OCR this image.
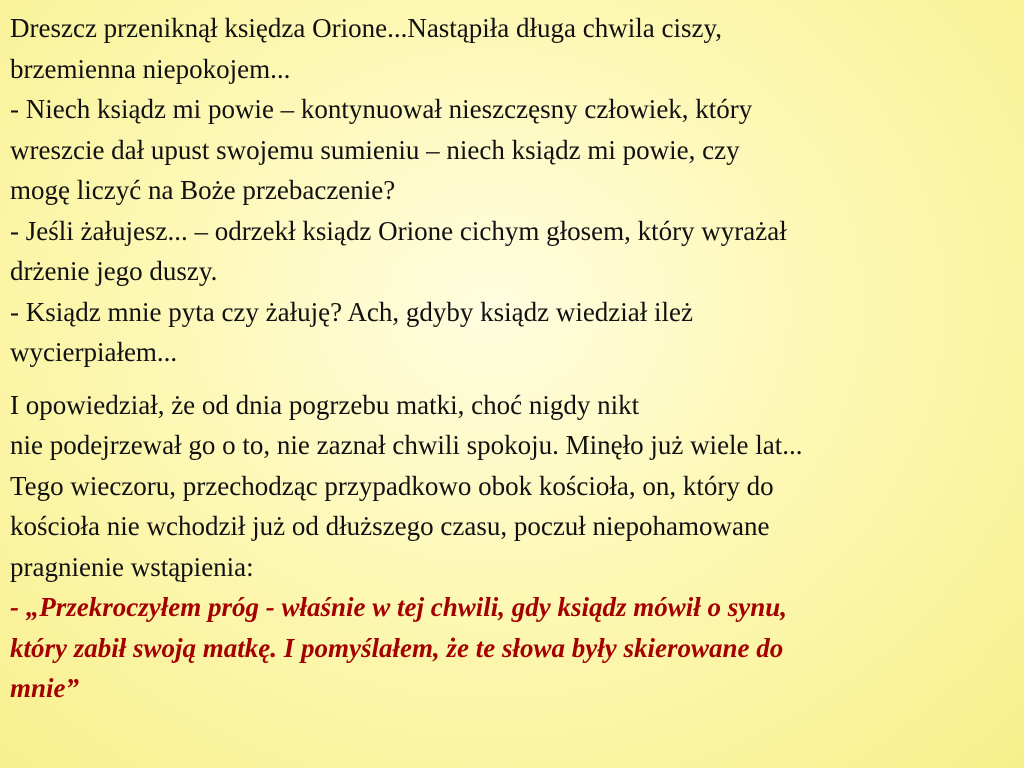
Dreszcz przeniknął księdza Orione...Nastąpiła długa chwila ciszy,
brzemienna niepokojem...
- Niech ksiądz mi powie – kontynuował nieszczęsny człowiek, który
wreszcie dał upust swojemu sumieniu – niech ksiądz mi powie, czy
mogę liczyć na Boże przebaczenie?
- Jeśli żałujesz... – odrzekł ksiądz Orione cichym głosem, który wyrażał
drżenie jego duszy.
- Ksiądz mnie pyta czy żałuję? Ach, gdyby ksiądz wiedział ileż
wycierpiałem...

I opowiedział, że od dnia pogrzebu matki, choć nigdy nikt
nie podejrzewał go o to, nie zaznał chwili spokoju. Minęło już wiele lat...
Tego wieczoru, przechodząc przypadkowo obok kościoła, on, który do
kościoła nie wchodził już od dłuższego czasu, poczuł niepohamowane
pragnienie wstąpienia:
- „Przekroczyłem próg - właśnie w tej chwili, gdy ksiądz mówił o synu,
który zabił swoją matkę. I pomyślałem, że te słowa były skierowane do
mnie”
